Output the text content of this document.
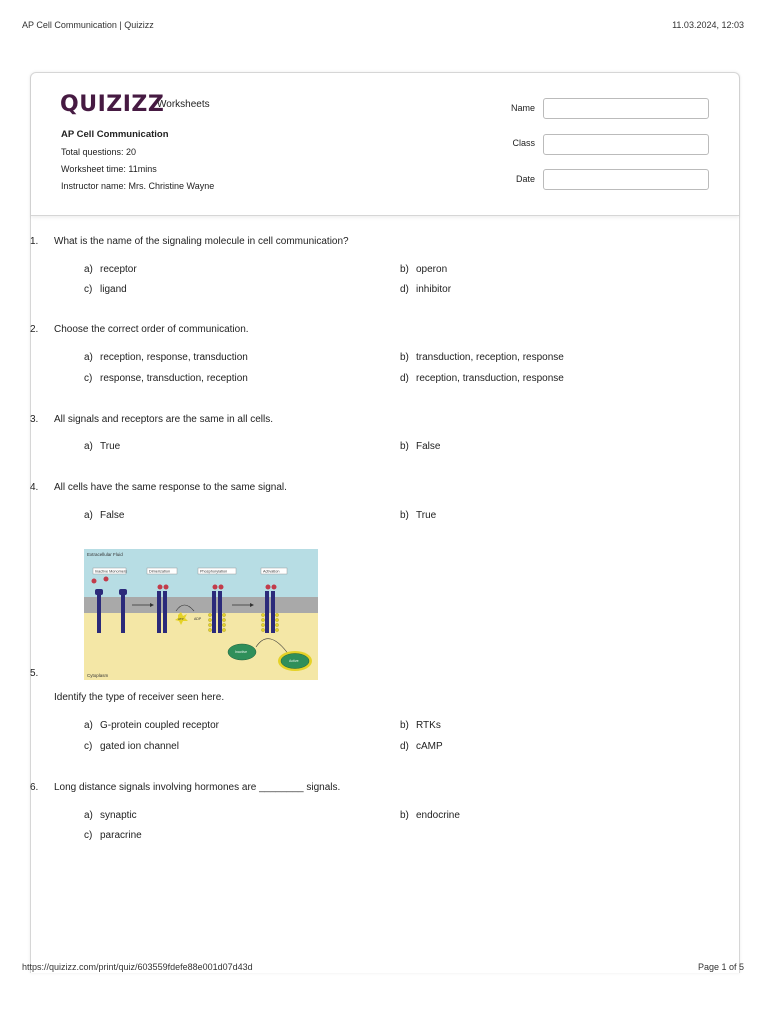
AP Cell Communication | Quizizz	11.03.2024, 12:03
QUIZIZZ
Worksheets
AP Cell Communication
Total questions: 20
Worksheet time: 11mins
Instructor name: Mrs. Christine Wayne
Name
Class
Date
1. What is the name of the signaling molecule in cell communication?
a) receptor	b) operon
c) ligand	d) inhibitor
2. Choose the correct order of communication.
a) reception, response, transduction	b) transduction, reception, response
c) response, transduction, reception	d) reception, transduction, response
3. All signals and receptors are the same in all cells.
a) True	b) False
4. All cells have the same response to the same signal.
a) False	b) True
Extracellular Fluid
Cytoplasm
Inactive Monomers	Dimerization	Phosphorylation	Activation
ATP	ADP
Inactive
Active
5.
Identify the type of receiver seen here.
a) G-protein coupled receptor	b) RTKs
c) gated ion channel	d) cAMP
6. Long distance signals involving hormones are ________ signals.
a) synaptic	b) endocrine
c) paracrine
https://quizizz.com/print/quiz/603559fdefe88e001d07d43d	Page 1 of 5
